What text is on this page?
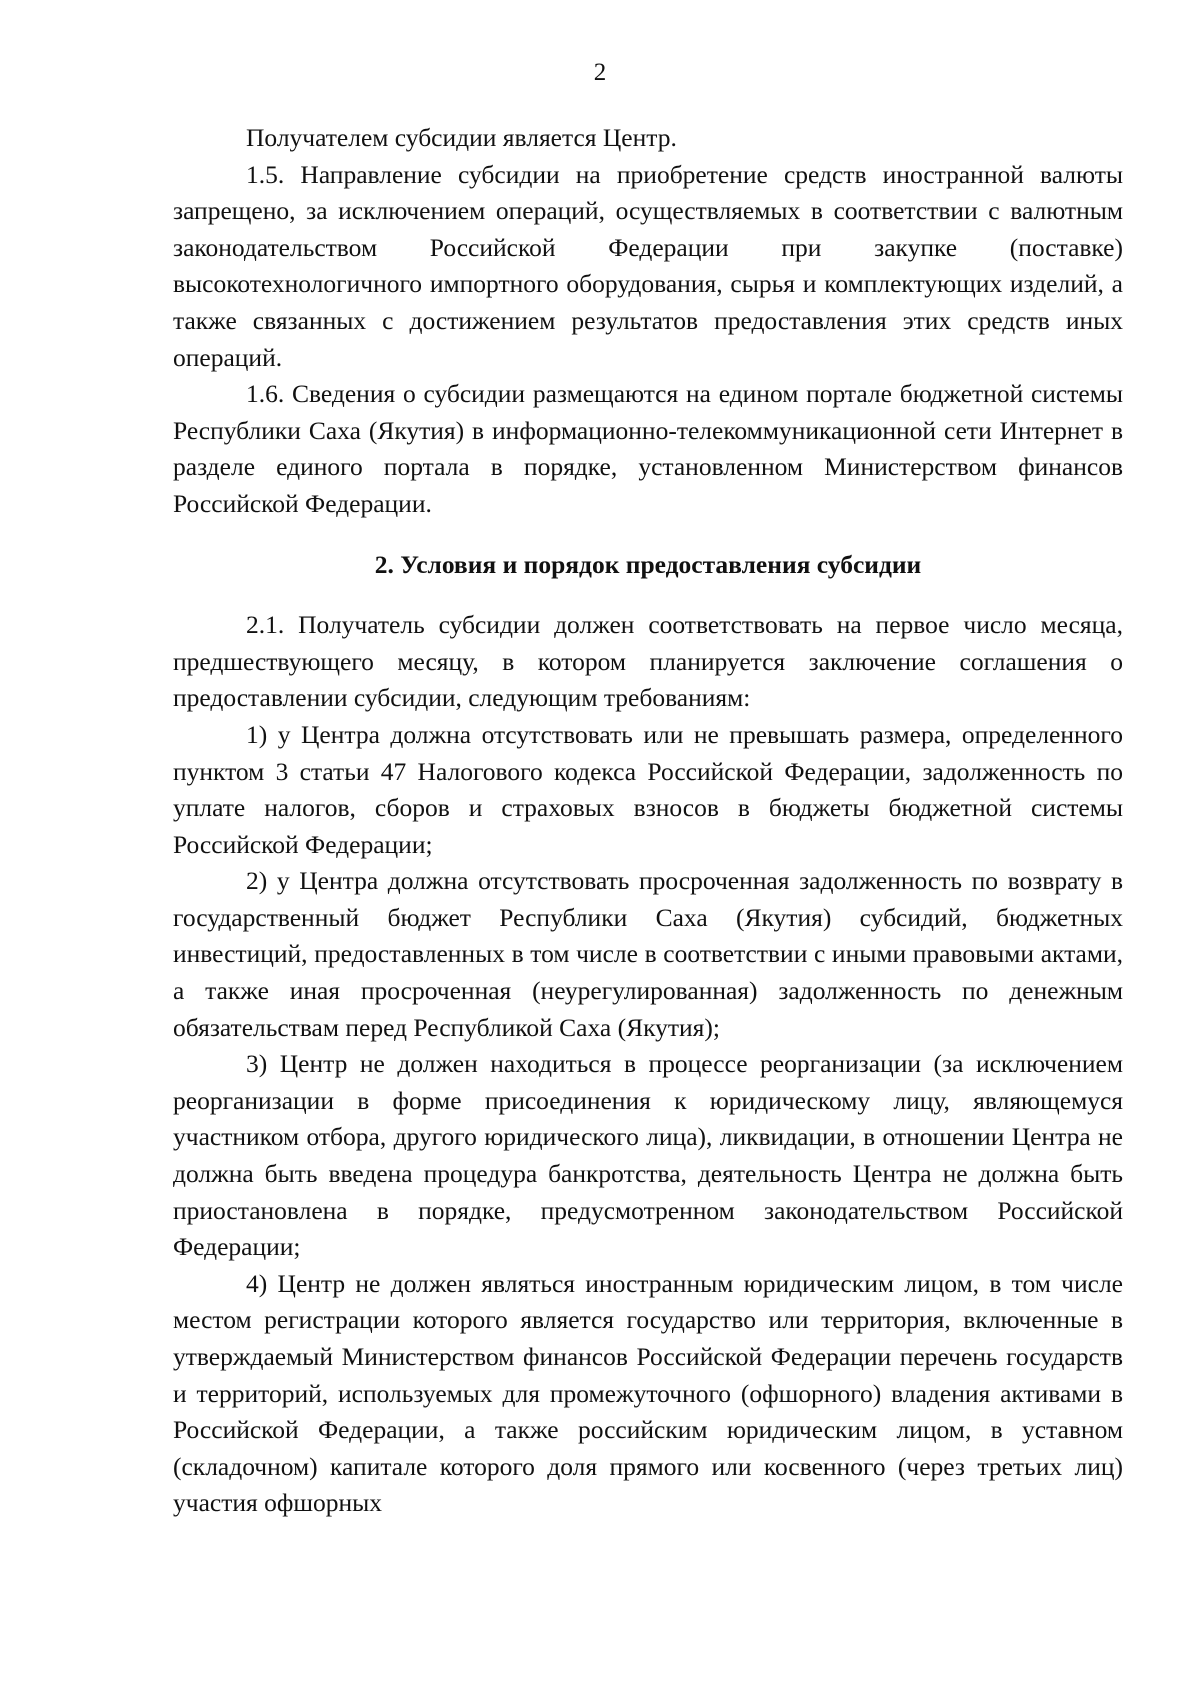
2

Получателем субсидии является Центр.

1.5. Направление субсидии на приобретение средств иностранной валюты запрещено, за исключением операций, осуществляемых в соответствии с валютным законодательством Российской Федерации при закупке (поставке) высокотехнологичного импортного оборудования, сырья и комплектующих изделий, а также связанных с достижением результатов предоставления этих средств иных операций.

1.6. Сведения о субсидии размещаются на едином портале бюджетной системы Республики Саха (Якутия) в информационно-телекоммуникационной сети Интернет в разделе единого портала в порядке, установленном Министерством финансов Российской Федерации.

2. Условия и порядок предоставления субсидии

2.1. Получатель субсидии должен соответствовать на первое число месяца, предшествующего месяцу, в котором планируется заключение соглашения о предоставлении субсидии, следующим требованиям:

1) у Центра должна отсутствовать или не превышать размера, определенного пунктом 3 статьи 47 Налогового кодекса Российской Федерации, задолженность по уплате налогов, сборов и страховых взносов в бюджеты бюджетной системы Российской Федерации;

2) у Центра должна отсутствовать просроченная задолженность по возврату в государственный бюджет Республики Саха (Якутия) субсидий, бюджетных инвестиций, предоставленных в том числе в соответствии с иными правовыми актами, а также иная просроченная (неурегулированная) задолженность по денежным обязательствам перед Республикой Саха (Якутия);

3) Центр не должен находиться в процессе реорганизации (за исключением реорганизации в форме присоединения к юридическому лицу, являющемуся участником отбора, другого юридического лица), ликвидации, в отношении Центра не должна быть введена процедура банкротства, деятельность Центра не должна быть приостановлена в порядке, предусмотренном законодательством Российской Федерации;

4) Центр не должен являться иностранным юридическим лицом, в том числе местом регистрации которого является государство или территория, включенные в утверждаемый Министерством финансов Российской Федерации перечень государств и территорий, используемых для промежуточного (офшорного) владения активами в Российской Федерации, а также российским юридическим лицом, в уставном (складочном) капитале которого доля прямого или косвенного (через третьих лиц) участия офшорных
